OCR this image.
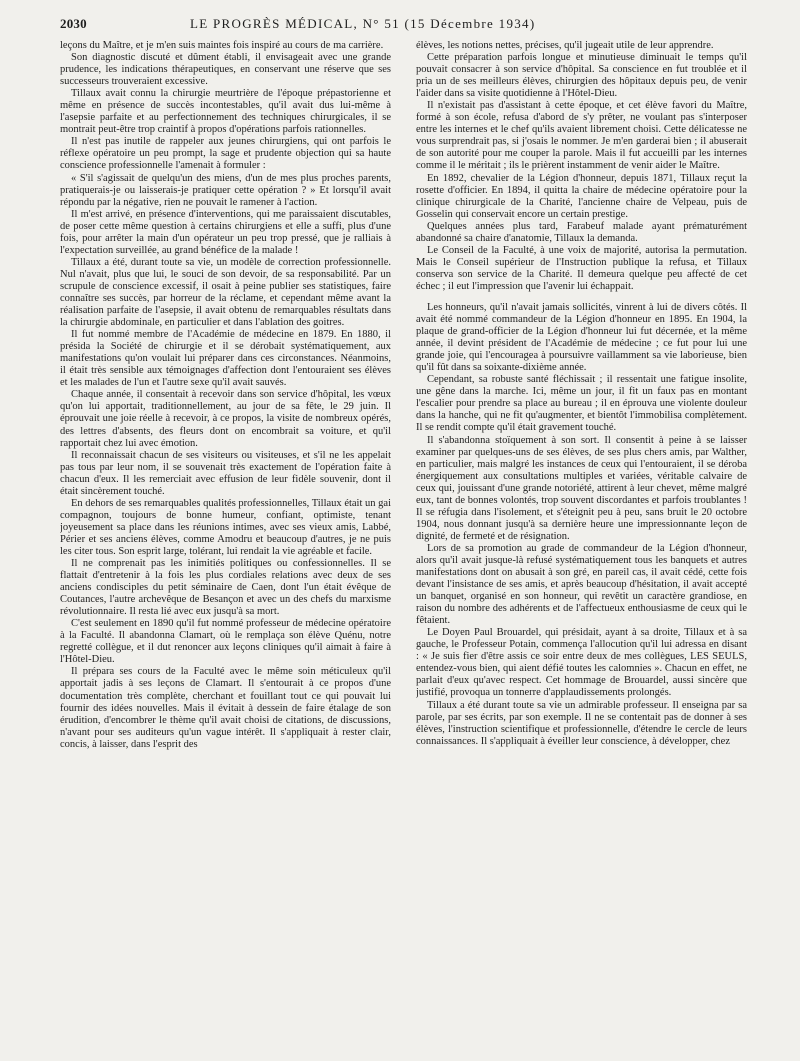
2030	LE PROGRÈS MÉDICAL, N° 51 (15 Décembre 1934)

leçons du Maître, et je m'en suis maintes fois inspiré au cours de ma carrière.

Son diagnostic discuté et dûment établi, il envisageait avec une grande prudence, les indications thérapeutiques, en conservant une réserve que ses successeurs trouveraient excessive.

Tillaux avait connu la chirurgie meurtrière de l'époque prépastorienne et même en présence de succès incontestables, qu'il avait dus lui-même à l'asepsie parfaite et au perfectionnement des techniques chirurgicales, il se montrait peut-être trop craintif à propos d'opérations parfois rationnelles.

Il n'est pas inutile de rappeler aux jeunes chirurgiens, qui ont parfois le réflexe opératoire un peu prompt, la sage et prudente objection qui sa haute conscience professionnelle l'amenait à formuler :

« S'il s'agissait de quelqu'un des miens, d'un de mes plus proches parents, pratiquerais-je ou laisserais-je pratiquer cette opération ? » Et lorsqu'il avait répondu par la négative, rien ne pouvait le ramener à l'action.

Il m'est arrivé, en présence d'interventions, qui me paraissaient discutables, de poser cette même question à certains chirurgiens et elle a suffi, plus d'une fois, pour arrêter la main d'un opérateur un peu trop pressé, que je ralliais à l'expectation surveillée, au grand bénéfice de la malade !

Tillaux a été, durant toute sa vie, un modèle de correction professionnelle. Nul n'avait, plus que lui, le souci de son devoir, de sa responsabilité. Par un scrupule de conscience excessif, il osait à peine publier ses statistiques, faire connaître ses succès, par horreur de la réclame, et cependant même avant la réalisation parfaite de l'asepsie, il avait obtenu de remarquables résultats dans la chirurgie abdominale, en particulier et dans l'ablation des goitres.

Il fut nommé membre de l'Académie de médecine en 1879. En 1880, il présida la Société de chirurgie et il se dérobait systématiquement, aux manifestations qu'on voulait lui préparer dans ces circonstances. Néanmoins, il était très sensible aux témoignages d'affection dont l'entouraient ses élèves et les malades de l'un et l'autre sexe qu'il avait sauvés.

Chaque année, il consentait à recevoir dans son service d'hôpital, les vœux qu'on lui apportait, traditionnellement, au jour de sa fête, le 29 juin. Il éprouvait une joie réelle à recevoir, à ce propos, la visite de nombreux opérés, des lettres d'absents, des fleurs dont on encombrait sa voiture, et qu'il rapportait chez lui avec émotion.

Il reconnaissait chacun de ses visiteurs ou visiteuses, et s'il ne les appelait pas tous par leur nom, il se souvenait très exactement de l'opération faite à chacun d'eux. Il les remerciait avec effusion de leur fidèle souvenir, dont il était sincèrement touché.

En dehors de ses remarquables qualités professionnelles, Tillaux était un gai compagnon, toujours de bonne humeur, confiant, optimiste, tenant joyeusement sa place dans les réunions intimes, avec ses vieux amis, Labbé, Périer et ses anciens élèves, comme Amodru et beaucoup d'autres, je ne puis les citer tous. Son esprit large, tolérant, lui rendait la vie agréable et facile.

Il ne comprenait pas les inimitiés politiques ou confessionnelles. Il se flattait d'entretenir à la fois les plus cordiales relations avec deux de ses anciens condisciples du petit séminaire de Caen, dont l'un était évêque de Coutances, l'autre archevêque de Besançon et avec un des chefs du marxisme révolutionnaire. Il resta lié avec eux jusqu'à sa mort.

C'est seulement en 1890 qu'il fut nommé professeur de médecine opératoire à la Faculté. Il abandonna Clamart, où le remplaça son élève Quénu, notre regretté collègue, et il dut renoncer aux leçons cliniques qu'il aimait à faire à l'Hôtel-Dieu.

Il prépara ses cours de la Faculté avec le même soin méticuleux qu'il apportait jadis à ses leçons de Clamart. Il s'entourait à ce propos d'une documentation très complète, cherchant et fouillant tout ce qui pouvait lui fournir des idées nouvelles. Mais il évitait à dessein de faire étalage de son érudition, d'encombrer le thème qu'il avait choisi de citations, de discussions, n'avant pour ses auditeurs qu'un vague intérêt. Il s'appliquait à rester clair, concis, à laisser, dans l'esprit des

élèves, les notions nettes, précises, qu'il jugeait utile de leur apprendre.

Cette préparation parfois longue et minutieuse diminuait le temps qu'il pouvait consacrer à son service d'hôpital. Sa conscience en fut troublée et il pria un de ses meilleurs élèves, chirurgien des hôpitaux depuis peu, de venir l'aider dans sa visite quotidienne à l'Hôtel-Dieu.

Il n'existait pas d'assistant à cette époque, et cet élève favori du Maître, formé à son école, refusa d'abord de s'y prêter, ne voulant pas s'interposer entre les internes et le chef qu'ils avaient librement choisi. Cette délicatesse ne vous surprendrait pas, si j'osais le nommer. Je m'en garderai bien ; il abuserait de son autorité pour me couper la parole. Mais il fut accueilli par les internes comme il le méritait ; ils le prièrent instamment de venir aider le Maître.

En 1892, chevalier de la Légion d'honneur, depuis 1871, Tillaux reçut la rosette d'officier. En 1894, il quitta la chaire de médecine opératoire pour la clinique chirurgicale de la Charité, l'ancienne chaire de Velpeau, puis de Gosselin qui conservait encore un certain prestige.

Quelques années plus tard, Farabeuf malade ayant prématurément abandonné sa chaire d'anatomie, Tillaux la demanda.

Le Conseil de la Faculté, à une voix de majorité, autorisa la permutation. Mais le Conseil supérieur de l'Instruction publique la refusa, et Tillaux conserva son service de la Charité. Il demeura quelque peu affecté de cet échec ; il eut l'impression que l'avenir lui échappait.

Les honneurs, qu'il n'avait jamais sollicités, vinrent à lui de divers côtés. Il avait été nommé commandeur de la Légion d'honneur en 1895. En 1904, la plaque de grand-officier de la Légion d'honneur lui fut décernée, et la même année, il devint président de l'Académie de médecine ; ce fut pour lui une grande joie, qui l'encouragea à poursuivre vaillamment sa vie laborieuse, bien qu'il fût dans sa soixante-dixième année.

Cependant, sa robuste santé fléchissait ; il ressentait une fatigue insolite, une gêne dans la marche. Ici, même un jour, il fit un faux pas en montant l'escalier pour prendre sa place au bureau ; il en éprouva une violente douleur dans la hanche, qui ne fit qu'augmenter, et bientôt l'immobilisa complètement. Il se rendit compte qu'il était gravement touché.

Il s'abandonna stoïquement à son sort. Il consentit à peine à se laisser examiner par quelques-uns de ses élèves, de ses plus chers amis, par Walther, en particulier, mais malgré les instances de ceux qui l'entouraient, il se déroba énergiquement aux consultations multiples et variées, véritable calvaire de ceux qui, jouissant d'une grande notoriété, attirent à leur chevet, même malgré eux, tant de bonnes volontés, trop souvent discordantes et parfois troublantes ! Il se réfugia dans l'isolement, et s'éteignit peu à peu, sans bruit le 20 octobre 1904, nous donnant jusqu'à sa dernière heure une impressionnante leçon de dignité, de fermeté et de résignation.

Lors de sa promotion au grade de commandeur de la Légion d'honneur, alors qu'il avait jusque-là refusé systématiquement tous les banquets et autres manifestations dont on abusait à son gré, en pareil cas, il avait cédé, cette fois devant l'insistance de ses amis, et après beaucoup d'hésitation, il avait accepté un banquet, organisé en son honneur, qui revêtit un caractère grandiose, en raison du nombre des adhérents et de l'affectueux enthousiasme de ceux qui le fêtaient.

Le Doyen Paul Brouardel, qui présidait, ayant à sa droite, Tillaux et à sa gauche, le Professeur Potain, commença l'allocution qu'il lui adressa en disant : « Je suis fier d'être assis ce soir entre deux de mes collègues, LES SEULS, entendez-vous bien, qui aient défié toutes les calomnies ». Chacun en effet, ne parlait d'eux qu'avec respect. Cet hommage de Brouardel, aussi sincère que justifié, provoqua un tonnerre d'applaudissements prolongés.

Tillaux a été durant toute sa vie un admirable professeur. Il enseigna par sa parole, par ses écrits, par son exemple. Il ne se contentait pas de donner à ses élèves, l'instruction scientifique et professionnelle, d'étendre le cercle de leurs connaissances. Il s'appliquait à éveiller leur conscience, à développer, chez
